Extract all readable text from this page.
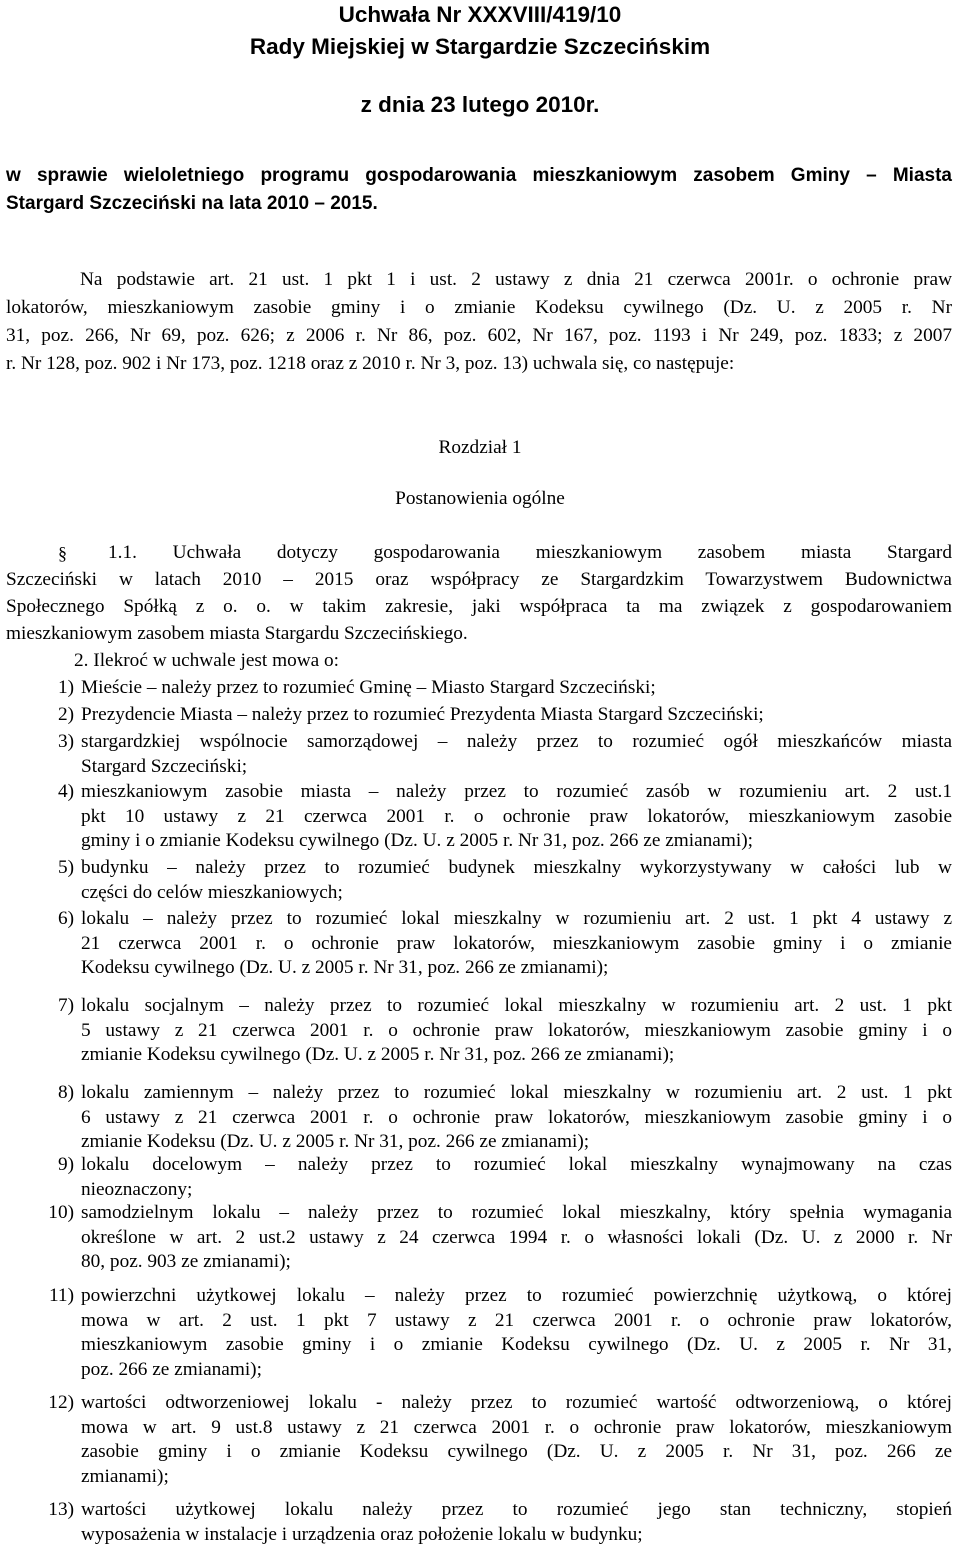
Uchwała Nr XXXVIII/419/10
Rady Miejskiej w Stargardzie Szczecińskim
z dnia 23 lutego 2010r.
w sprawie wieloletniego programu gospodarowania mieszkaniowym zasobem Gminy – Miasta
Stargard Szczeciński na lata 2010 – 2015.
Na podstawie art. 21 ust. 1 pkt 1 i ust. 2 ustawy z dnia 21 czerwca 2001r. o ochronie praw
lokatorów, mieszkaniowym zasobie gminy i o zmianie Kodeksu cywilnego (Dz. U. z 2005 r. Nr
31, poz. 266, Nr 69, poz. 626; z 2006 r. Nr 86, poz. 602, Nr 167, poz. 1193 i Nr 249, poz. 1833; z 2007
r. Nr 128, poz. 902 i Nr 173, poz. 1218 oraz z 2010 r. Nr 3, poz. 13) uchwala się, co następuje:
Rozdział 1
Postanowienia ogólne
§ 1.1. Uchwała dotyczy gospodarowania mieszkaniowym zasobem miasta Stargard
Szczeciński w latach 2010 – 2015 oraz współpracy ze Stargardzkim Towarzystwem Budownictwa
Społecznego Spółką z o. o. w takim zakresie, jaki współpraca ta ma związek z gospodarowaniem
mieszkaniowym zasobem miasta Stargardu Szczecińskiego.
2. Ilekroć w uchwale jest mowa o:
1) Mieście – należy przez to rozumieć Gminę – Miasto Stargard Szczeciński;
2) Prezydencie Miasta – należy przez to rozumieć Prezydenta Miasta Stargard Szczeciński;
3) stargardzkiej wspólnocie samorządowej – należy przez to rozumieć ogół mieszkańców miasta
Stargard Szczeciński;
4) mieszkaniowym zasobie miasta – należy przez to rozumieć zasób w rozumieniu art. 2 ust.1
pkt 10 ustawy z 21 czerwca 2001 r. o ochronie praw lokatorów, mieszkaniowym zasobie
gminy i o zmianie Kodeksu cywilnego (Dz. U. z 2005 r. Nr 31, poz. 266 ze zmianami);
5) budynku – należy przez to rozumieć budynek mieszkalny wykorzystywany w całości lub w
części do celów mieszkaniowych;
6) lokalu – należy przez to rozumieć lokal mieszkalny w rozumieniu art. 2 ust. 1 pkt 4 ustawy z
21 czerwca 2001 r. o ochronie praw lokatorów, mieszkaniowym zasobie gminy i o zmianie
Kodeksu cywilnego (Dz. U. z 2005 r. Nr 31, poz. 266 ze zmianami);
7) lokalu socjalnym – należy przez to rozumieć lokal mieszkalny w rozumieniu art. 2 ust. 1 pkt
5 ustawy z 21 czerwca 2001 r. o ochronie praw lokatorów, mieszkaniowym zasobie gminy i o
zmianie Kodeksu cywilnego (Dz. U. z 2005 r. Nr 31, poz. 266 ze zmianami);
8) lokalu zamiennym – należy przez to rozumieć lokal mieszkalny w rozumieniu art. 2 ust. 1 pkt
6 ustawy z 21 czerwca 2001 r. o ochronie praw lokatorów, mieszkaniowym zasobie gminy i o
zmianie Kodeksu (Dz. U. z 2005 r. Nr 31, poz. 266 ze zmianami);
9) lokalu docelowym – należy przez to rozumieć lokal mieszkalny wynajmowany na czas
nieoznaczony;
10) samodzielnym lokalu – należy przez to rozumieć lokal mieszkalny, który spełnia wymagania
określone w art. 2 ust.2 ustawy z 24 czerwca 1994 r. o własności lokali (Dz. U. z 2000 r. Nr
80, poz. 903 ze zmianami);
11) powierzchni użytkowej lokalu – należy przez to rozumieć powierzchnię użytkową, o której
mowa w art. 2 ust. 1 pkt 7 ustawy z 21 czerwca 2001 r. o ochronie praw lokatorów,
mieszkaniowym zasobie gminy i o zmianie Kodeksu cywilnego (Dz. U. z 2005 r. Nr 31,
poz. 266 ze zmianami);
12) wartości odtworzeniowej lokalu - należy przez to rozumieć wartość odtworzeniową, o której
mowa w art. 9 ust.8 ustawy z 21 czerwca 2001 r. o ochronie praw lokatorów, mieszkaniowym
zasobie gminy i o zmianie Kodeksu cywilnego (Dz. U. z 2005 r. Nr 31, poz. 266 ze
zmianami);
13) wartości użytkowej lokalu należy przez to rozumieć jego stan techniczny, stopień
wyposażenia w instalacje i urządzenia oraz położenie lokalu w budynku;
